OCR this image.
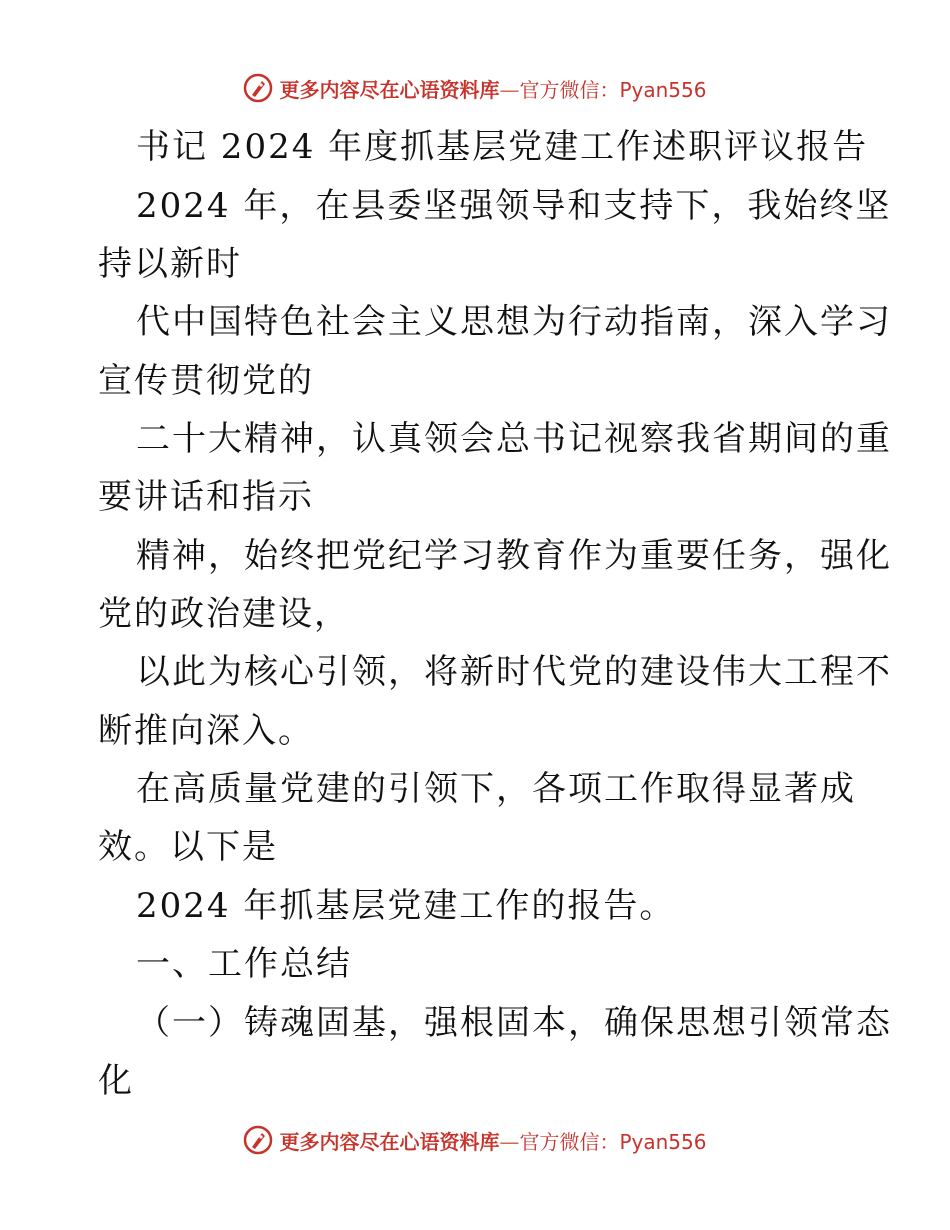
更多内容尽在心语资料库—官方微信：Pyan556
书记 2024 年度抓基层党建工作述职评议报告
2024 年，在县委坚强领导和支持下，我始终坚
持以新时
代中国特色社会主义思想为行动指南，深入学习
宣传贯彻党的
二十大精神，认真领会总书记视察我省期间的重
要讲话和指示
精神，始终把党纪学习教育作为重要任务，强化
党的政治建设，
以此为核心引领，将新时代党的建设伟大工程不
断推向深入。
在高质量党建的引领下，各项工作取得显著成
效。以下是
2024 年抓基层党建工作的报告。
一、工作总结
（一）铸魂固基，强根固本，确保思想引领常态
化
更多内容尽在心语资料库—官方微信：Pyan556
